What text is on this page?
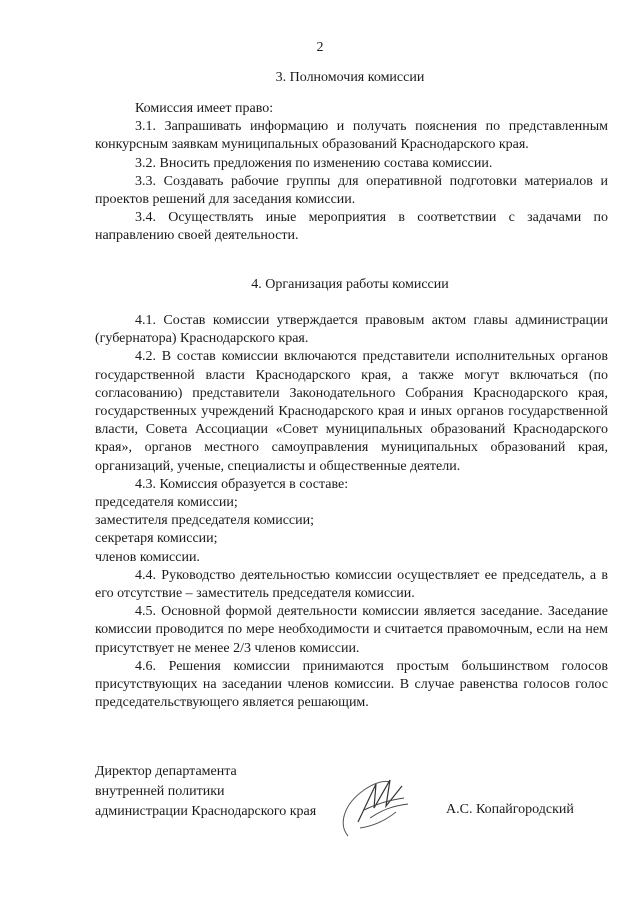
2
3. Полномочия комиссии

Комиссия имеет право:

3.1. Запрашивать информацию и получать пояснения по представленным конкурсным заявкам муниципальных образований Краснодарского края.

3.2. Вносить предложения по изменению состава комиссии.

3.3. Создавать рабочие группы для оперативной подготовки материалов и проектов решений для заседания комиссии.

3.4. Осуществлять иные мероприятия в соответствии с задачами по направлению своей деятельности.

4. Организация работы комиссии

4.1. Состав комиссии утверждается правовым актом главы администрации (губернатора) Краснодарского края.

4.2. В состав комиссии включаются представители исполнительных органов государственной власти Краснодарского края, а также могут включаться (по согласованию) представители Законодательного Собрания Краснодарского края, государственных учреждений Краснодарского края и иных органов государственной власти, Совета Ассоциации «Совет муниципальных образований Краснодарского края», органов местного самоуправления муниципальных образований края, организаций, ученые, специалисты и общественные деятели.

4.3. Комиссия образуется в составе:

председателя комиссии;

заместителя председателя комиссии;

секретаря комиссии;

членов комиссии.

4.4. Руководство деятельностью комиссии осуществляет ее председатель, а в его отсутствие – заместитель председателя комиссии.

4.5. Основной формой деятельности комиссии является заседание. Заседание комиссии проводится по мере необходимости и считается правомочным, если на нем присутствует не менее 2/3 членов комиссии.

4.6. Решения комиссии принимаются простым большинством голосов присутствующих на заседании членов комиссии. В случае равенства голосов голос председательствующего является решающим.

Директор департамента
внутренней политики
администрации Краснодарского края	А.С. Копайгородский
